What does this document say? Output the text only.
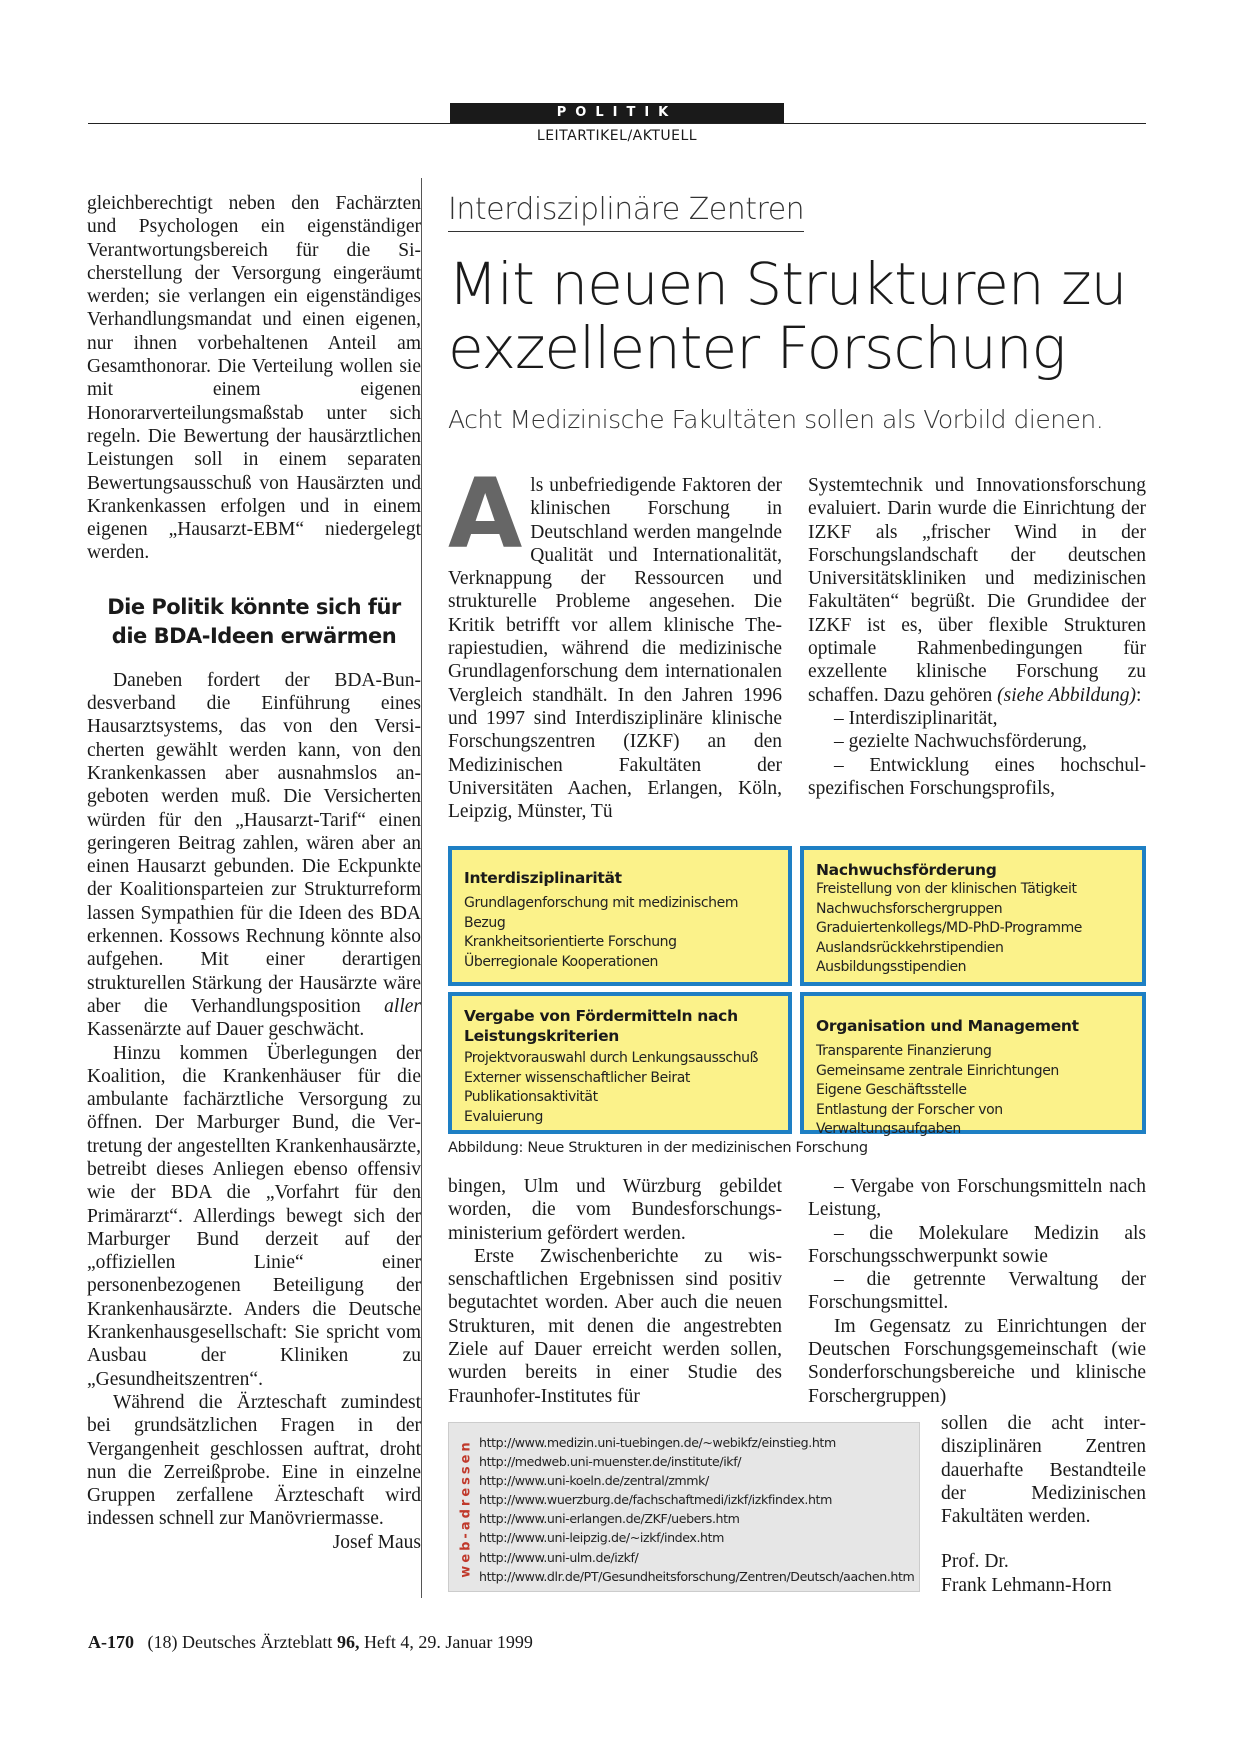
POLITIK
LEITARTIKEL/AKTUELL

gleichberechtigt neben den Fachärzten und Psychologen ein eigenständiger Verantwortungsbereich für die Sicherstellung der Versorgung eingeräumt werden; sie verlangen ein eigenständiges Verhandlungsmandat und einen eigenen, nur ihnen vorbehaltenen Anteil am Gesamthonorar. Die Verteilung wollen sie mit einem eigenen Honorarverteilungsmaßstab unter sich regeln. Die Bewertung der hausärztlichen Leistungen soll in einem separaten Bewertungsausschuß von Hausärzten und Krankenkassen erfolgen und in einem eigenen „Hausarzt-EBM“ niedergelegt werden.

Die Politik könnte sich für die BDA-Ideen erwärmen

Daneben fordert der BDA-Bundesverband die Einführung eines Hausarztsystems, das von den Versicherten gewählt werden kann, von den Krankenkassen aber ausnahmslos angeboten werden muß. Die Versicherten würden für den „Hausarzt-Tarif“ einen geringeren Beitrag zahlen, wären aber an einen Hausarzt gebunden. Die Eckpunkte der Koalitionsparteien zur Strukturreform lassen Sympathien für die Ideen des BDA erkennen. Kossows Rechnung könnte also aufgehen. Mit einer derartigen strukturellen Stärkung der Hausärzte wäre aber die Verhandlungsposition aller Kassenärzte auf Dauer geschwächt.

Hinzu kommen Überlegungen der Koalition, die Krankenhäuser für die ambulante fachärztliche Versorgung zu öffnen. Der Marburger Bund, die Vertretung der angestellten Krankenhausärzte, betreibt dieses Anliegen ebenso offensiv wie der BDA die „Vorfahrt für den Primärarzt“. Allerdings bewegt sich der Marburger Bund derzeit auf der „offiziellen Linie“ einer personenbezogenen Beteiligung der Krankenhausärzte. Anders die Deutsche Krankenhausgesellschaft: Sie spricht vom Ausbau der Kliniken zu „Gesundheitszentren“.

Während die Ärzteschaft zumindest bei grundsätzlichen Fragen in der Vergangenheit geschlossen auftrat, droht nun die Zerreißprobe. Eine in einzelne Gruppen zerfallene Ärzteschaft wird indessen schnell zur Manövriermasse.
Josef Maus

Interdisziplinäre Zentren
Mit neuen Strukturen zu
exzellenter Forschung
Acht Medizinische Fakultäten sollen als Vorbild dienen.

Als unbefriedigende Faktoren der klinischen Forschung in Deutschland werden mangelnde Qualität und Internationalität, Verknappung der Ressourcen und strukturelle Probleme angesehen. Die Kritik betrifft vor allem klinische Therapiestudien, während die medizinische Grundlagenforschung dem internationalen Vergleich standhält. In den Jahren 1996 und 1997 sind Interdisziplinäre klinische Forschungszentren (IZKF) an den Medizinischen Fakultäten der Universitäten Aachen, Erlangen, Köln, Leipzig, Münster, Tü

Systemtechnik und Innovationsforschung evaluiert. Darin wurde die Einrichtung der IZKF als „frischer Wind in der Forschungslandschaft der deutschen Universitätskliniken und medizinischen Fakultäten“ begrüßt. Die Grundidee der IZKF ist es, über flexible Strukturen optimale Rahmenbedingungen für exzellente klinische Forschung zu schaffen. Dazu gehören (siehe Abbildung):

– Interdisziplinarität,

– gezielte Nachwuchsförderung,

– Entwicklung eines hochschulspezifischen Forschungsprofils,

Interdisziplinarität
Grundlagenforschung mit medizinischem Bezug
Krankheitsorientierte Forschung
Überregionale Kooperationen
Nachwuchsförderung
Freistellung von der klinischen Tätigkeit
Nachwuchsforschergruppen
Graduiertenkollegs/MD-PhD-Programme
Auslandsrückkehrstipendien
Ausbildungsstipendien
Vergabe von Fördermitteln nach Leistungskriterien
Projektvorauswahl durch Lenkungsausschuß
Externer wissenschaftlicher Beirat
Publikationsaktivität
Evaluierung
Organisation und Management
Transparente Finanzierung
Gemeinsame zentrale Einrichtungen
Eigene Geschäftsstelle
Entlastung der Forscher von Verwaltungsaufgaben
Abbildung: Neue Strukturen in der medizinischen Forschung

bingen, Ulm und Würzburg gebildet worden, die vom Bundesforschungsministerium gefördert werden.

Erste Zwischenberichte zu wissenschaftlichen Ergebnissen sind positiv begutachtet worden. Aber auch die neuen Strukturen, mit denen die angestrebten Ziele auf Dauer erreicht werden sollen, wurden bereits in einer Studie des Fraunhofer-Institutes für

– Vergabe von Forschungsmitteln nach Leistung,

– die Molekulare Medizin als Forschungsschwerpunkt sowie

– die getrennte Verwaltung der Forschungsmittel.

Im Gegensatz zu Einrichtungen der Deutschen Forschungsgemeinschaft (wie Sonderforschungsbereiche und klinische Forschergruppen)

sollen die acht interdisziplinären Zentren dauerhafte Bestandteile der Medizinischen Fakultäten werden.

Prof. Dr.

Frank Lehmann-Horn

web-adressen http://www.medizin.uni-tuebingen.de/~webikfz/einstieg.htm
http://medweb.uni-muenster.de/institute/ikf/
http://www.uni-koeln.de/zentral/zmmk/
http://www.wuerzburg.de/fachschaftmedi/izkf/izkfindex.htm
http://www.uni-erlangen.de/ZKF/uebers.htm
http://www.uni-leipzig.de/~izkf/index.htm
http://www.uni-ulm.de/izkf/
http://www.dlr.de/PT/Gesundheitsforschung/Zentren/Deutsch/aachen.htm
A-170 (18) Deutsches Ärzteblatt 96, Heft 4, 29. Januar 1999
